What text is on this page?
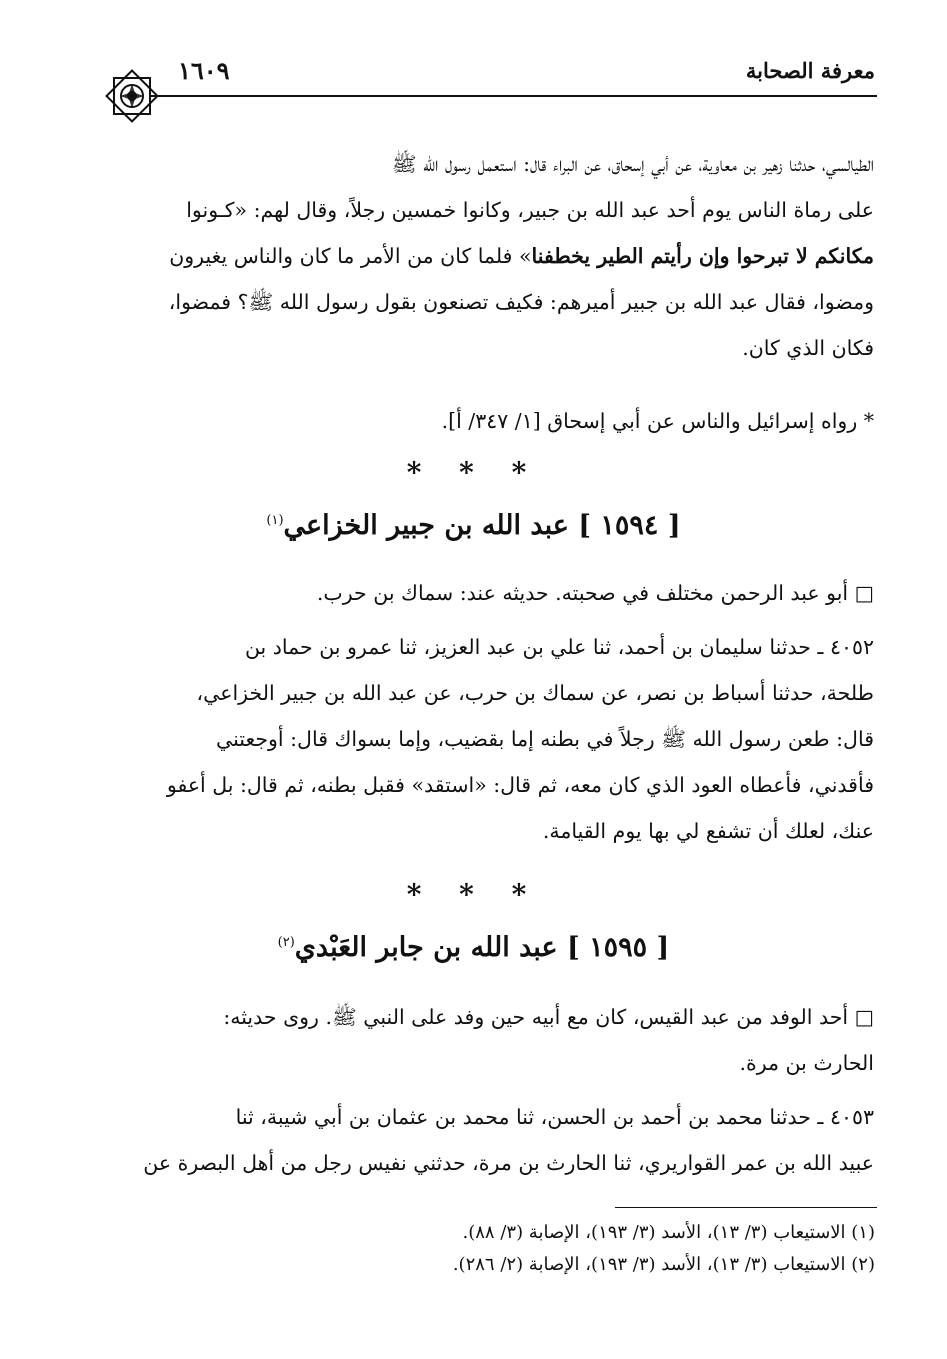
معرفة الصحابة
١٦٠٩
الطيالسي، حدثنا زهير بن معاوية، عن أبي إسحاق، عن البراء قال: استعمل رسول الله ﷺ
على رماة الناس يوم أحد عبد الله بن جبير، وكانوا خمسين رجلاً، وقال لهم: «كـونوا
مكانكم لا تبرحوا وإن رأيتم الطير يخطفنا» فلما كان من الأمر ما كان والناس يغيرون
ومضوا، فقال عبد الله بن جبير أميرهم: فكيف تصنعون بقول رسول الله ﷺ؟ فمضوا،
فكان الذي كان.
* رواه إسرائيل والناس عن أبي إسحاق [١/ ٣٤٧/ أ].
* * *
[ ١٥٩٤ ] عبد الله بن جبير الخزاعي$^{(١)}$
□ أبو عبد الرحمن مختلف في صحبته. حديثه عند: سماك بن حرب.
٤٠٥٢ ـ حدثنا سليمان بن أحمد، ثنا علي بن عبد العزيز، ثنا عمرو بن حماد بن
طلحة، حدثنا أسباط بن نصر، عن سماك بن حرب، عن عبد الله بن جبير الخزاعي،
قال: طعن رسول الله ﷺ رجلاً في بطنه إما بقضيب، وإما بسواك قال: أوجعتني
فأقدني، فأعطاه العود الذي كان معه، ثم قال: «استقد» فقبل بطنه، ثم قال: بل أعفو
عنك، لعلك أن تشفع لي بها يوم القيامة.
* * *
[ ١٥٩٥ ] عبد الله بن جابر العَبْدي$^{(٢)}$
□ أحد الوفد من عبد القيس، كان مع أبيه حين وفد على النبي ﷺ. روى حديثه:
الحارث بن مرة.
٤٠٥٣ ـ حدثنا محمد بن أحمد بن الحسن، ثنا محمد بن عثمان بن أبي شيبة، ثنا
عبيد الله بن عمر القواريري، ثنا الحارث بن مرة، حدثني نفيس رجل من أهل البصرة عن
(١) الاستيعاب (٣/ ١٣)، الأسد (٣/ ١٩٣)، الإصابة (٣/ ٨٨).
(٢) الاستيعاب (٣/ ١٣)، الأسد (٣/ ١٩٣)، الإصابة (٢/ ٢٨٦).
